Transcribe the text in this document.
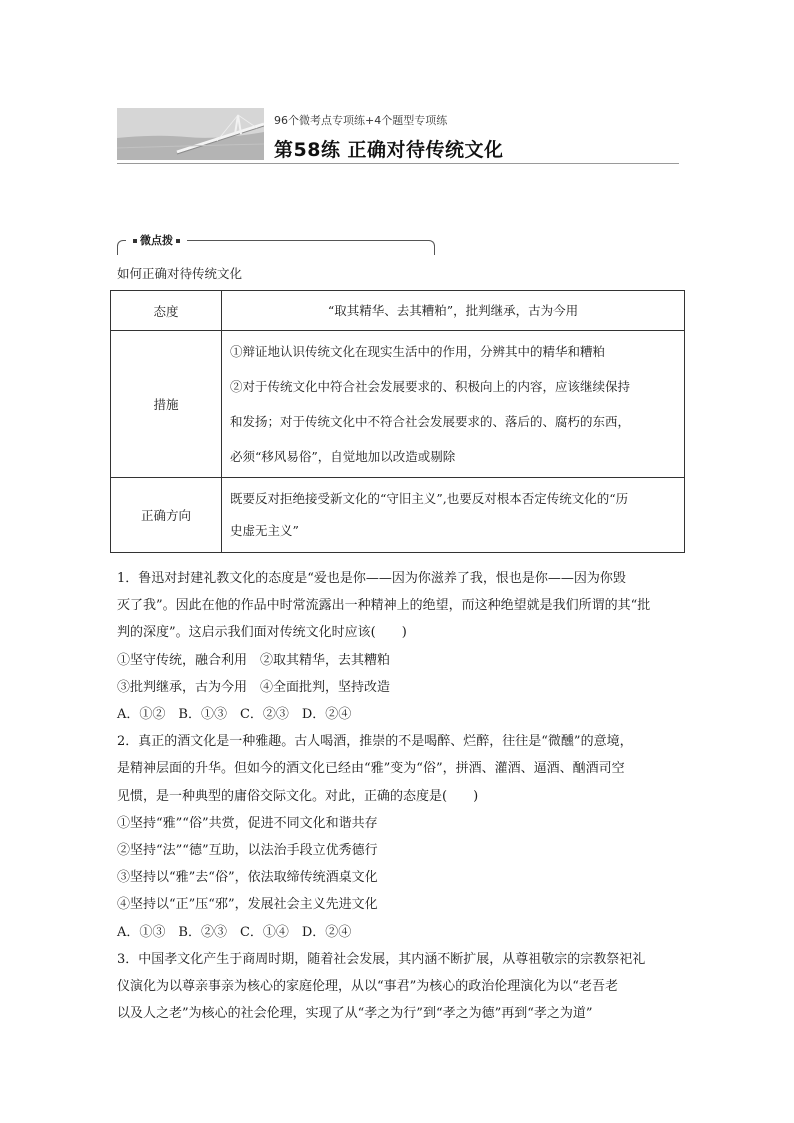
96个微考点专项练+4个题型专项练
第58练 正确对待传统文化
微点拨
如何正确对待传统文化
态度	“取其精华、去其糟粕”，批判继承，古为今用

措施	①辩证地认识传统文化在现实生活中的作用，分辨其中的精华和糟粕

②对于传统文化中符合社会发展要求的、积极向上的内容，应该继续保持

和发扬；对于传统文化中不符合社会发展要求的、落后的、腐朽的东西，

必须“移风易俗”，自觉地加以改造或剔除

正确方向	既要反对拒绝接受新文化的“守旧主义”,也要反对根本否定传统文化的“历

史虚无主义”

1．鲁迅对封建礼教文化的态度是“爱也是你——因为你滋养了我，恨也是你——因为你毁

灭了我”。因此在他的作品中时常流露出一种精神上的绝望，而这种绝望就是我们所谓的其“批

判的深度”。这启示我们面对传统文化时应该(　　)

①坚守传统，融合利用　②取其精华，去其糟粕

③批判继承，古为今用　④全面批判，坚持改造

A．①②　B．①③　C．②③　D．②④

2．真正的酒文化是一种雅趣。古人喝酒，推崇的不是喝醉、烂醉，往往是“微醺”的意境，

是精神层面的升华。但如今的酒文化已经由“雅”变为“俗”，拼酒、灌酒、逼酒、酗酒司空

见惯，是一种典型的庸俗交际文化。对此，正确的态度是(　　)

①坚持“雅”“俗”共赏，促进不同文化和谐共存

②坚持“法”“德”互助，以法治手段立优秀德行

③坚持以“雅”去“俗”，依法取缔传统酒桌文化

④坚持以“正”压“邪”，发展社会主义先进文化

A．①③　B．②③　C．①④　D．②④

3．中国孝文化产生于商周时期，随着社会发展，其内涵不断扩展，从尊祖敬宗的宗教祭祀礼

仪演化为以尊亲事亲为核心的家庭伦理，从以“事君”为核心的政治伦理演化为以“老吾老

以及人之老”为核心的社会伦理，实现了从“孝之为行”到“孝之为德”再到“孝之为道”
